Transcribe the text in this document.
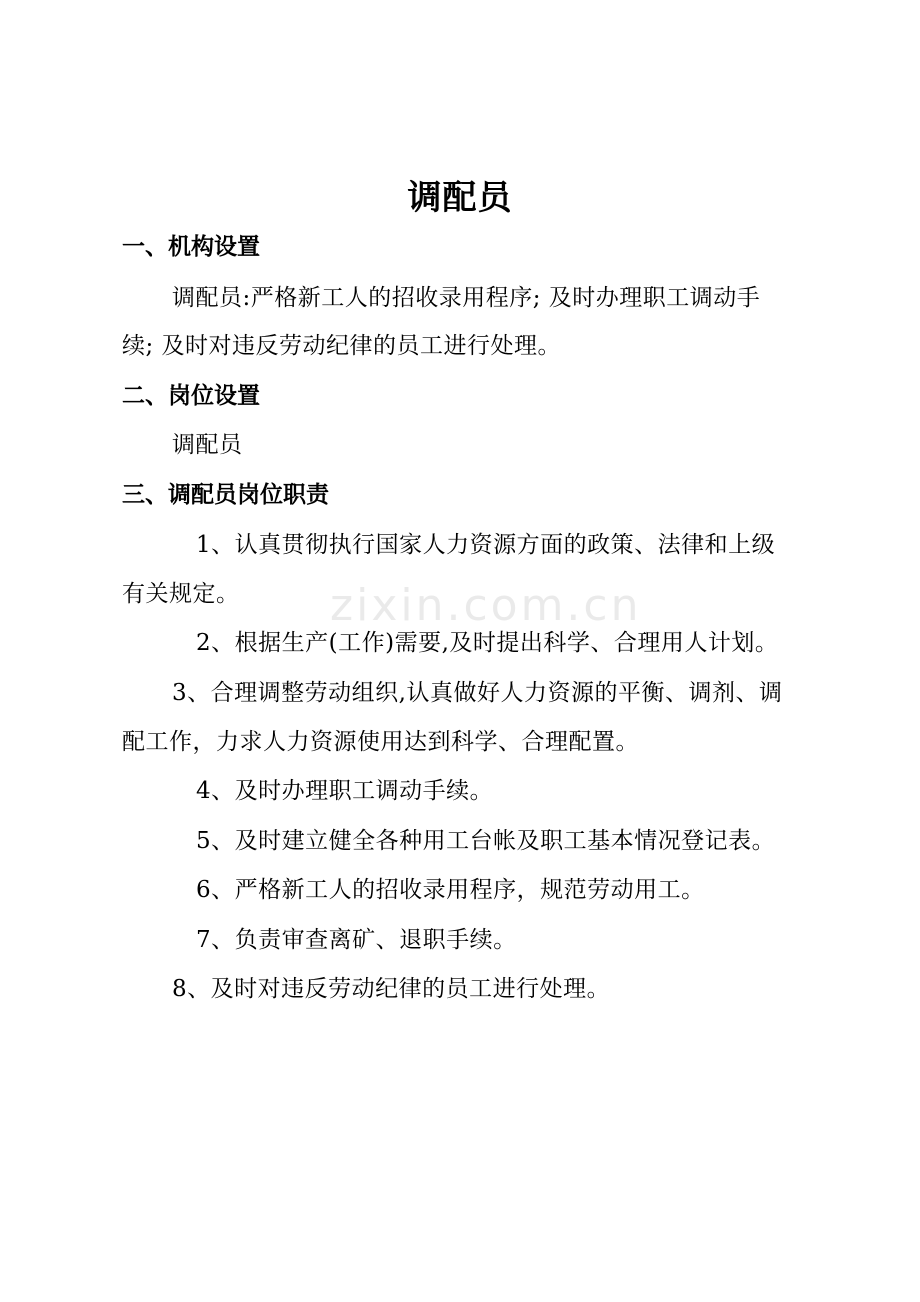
zixin.com.cn
调配员
一、机构设置
调配员:严格新工人的招收录用程序; 及时办理职工调动手
续; 及时对违反劳动纪律的员工进行处理。
二、岗位设置
调配员
三、调配员岗位职责
1、认真贯彻执行国家人力资源方面的政策、法律和上级
有关规定。
2、根据生产(工作)需要,及时提出科学、合理用人计划。
3、合理调整劳动组织,认真做好人力资源的平衡、调剂、调
配工作，力求人力资源使用达到科学、合理配置。
4、及时办理职工调动手续。
5、及时建立健全各种用工台帐及职工基本情况登记表。
6、严格新工人的招收录用程序，规范劳动用工。
7、负责审查离矿、退职手续。
8、及时对违反劳动纪律的员工进行处理。
